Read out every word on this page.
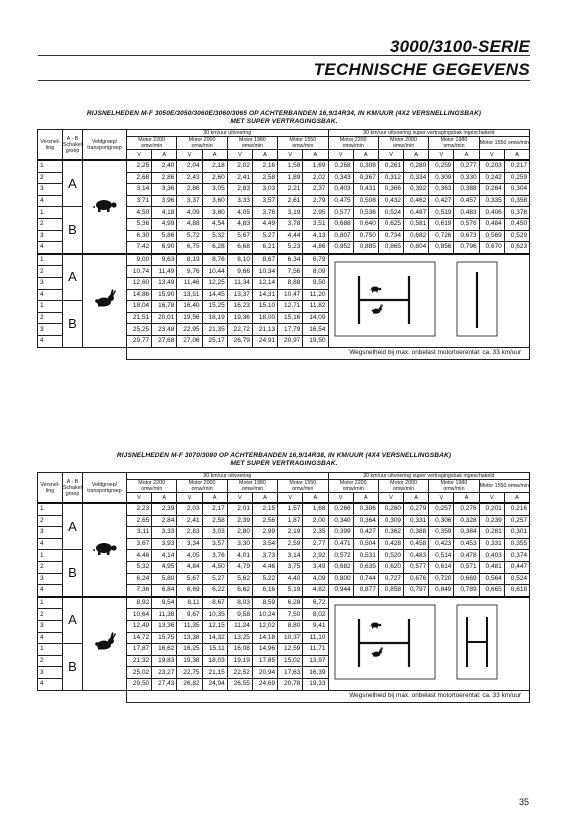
3000/3100-SERIE
TECHNISCHE GEGEVENS
RIJSNELHEDEN M-F 3050E/3050/3060E/3060/3065 OP ACHTERBANDEN 16,9/14R34, IN KM/UUR (4X2 VERSNELLINGSBAK)
MET SUPER VERTRAGINGSBAK.
Versnel-ling	A - B Schakel-groep	Veldgroep/ transportgroep	30 km/uur uitvoering								30 km/uur uitvoering super vertragingsbak ingeschakeld							
			Motor 2200 omw/min		Motor 2000 omw/min		Motor 1980 omw/min		Motor 1550 omw/min		Motor 2200 omw/min		Motor 2000 omw/min		Motor 1980 omw/min		Motor 1550 omw/min	
			V	A	V	A	V	A	V	A	V	A	V	A	V	A	V	A
1	A		2,25	2,40	2,04	2,18	2,02	2,16	1,58	1,69	0,268	0,308	0,261	0,280	0,259	0,277	0,203	0,217
2			2,68	2,86	2,43	2,60	2,41	2,58	1,89	2,02	0,343	0,367	0,312	0,334	0,309	0,330	0,242	0,259
3			3,14	3,36	2,86	3,05	2,83	3,03	2,21	2,37	0,403	0,431	0,366	0,392	0,363	0,388	0,284	0,304
4			3,71	3,96	3,37	3,60	3,33	3,57	2,61	2,79	0,475	0,508	0,432	0,462	0,427	0,457	0,335	0,358
1	B		4,50	4,18	4,09	3,80	4,05	3,76	3,19	2,95	0,577	0,536	0,524	0,487	0,519	0,483	0,406	0,378
2			5,36	4,99	4,88	4,54	4,83	4,49	3,78	3,51	0,688	0,640	0,625	0,581	0,619	0,576	0,484	0,450
3			6,30	5,86	5,72	5,32	5,67	5,27	4,44	4,13	0,807	0,750	0,734	0,682	0,726	0,673	0,569	0,529
4			7,42	6,90	6,75	6,28	6,68	6,21	5,23	4,86	0,952	0,885	0,865	0,804	0,856	0,796	0,670	0,623
1	A		9,00	9,63	8,19	8,76	8,10	8,67	6,34	6,79	
2			10,74	11,49	9,76	10,44	9,66	10,34	7,56	8,09								
3			12,60	13,49	11,46	12,25	11,34	12,14	8,88	9,50								
4			14,86	15,90	13,51	14,45	13,37	14,31	10,47	11,20								
1	B		18,04	16,78	16,40	15,25	16,23	15,10	12,71	11,82								
2			21,51	20,01	19,56	18,19	19,36	18,00	15,16	14,09								
3			25,25	23,48	22,95	21,35	22,72	21,13	17,79	16,54								
4			29,77	27,68	27,06	25,17	26,79	24,91	20,97	19,50								
			Wegsnelheid bij max. onbelast motortoerental: ca. 33 km/uur															
RIJSNELHEDEN M-F 3070/3080 OP ACHTERBANDEN 16,9/14R38, IN KM/UUR (4X4 VERSNELLINGSBAK)
MET SUPER VERTRAGINGSBAK.
Versnel-ling	A - B Schakel-groep	Veldgroep/ transportgroep	30 km/uur uitvoering								30 km/uur uitvoering super vertragingsbak ingeschakeld							
			Motor 2200 omw/min		Motor 2000 omw/min		Motor 1980 omw/min		Motor 1550 omw/min		Motor 2200 omw/min		Motor 2000 omw/min		Motor 1980 omw/min		Motor 1550 omw/min	
			V	A	V	A	V	A	V	A	V	A	V	A	V	A	V	A
1	A		2,23	2,39	2,03	2,17	2,01	2,15	1,57	1,68	0,266	0,306	0,260	0,279	0,257	0,276	0,201	0,216
2			2,65	2,84	2,41	2,58	2,39	2,56	1,87	2,00	0,340	0,364	0,309	0,331	0,306	0,328	0,239	0,257
3			3,11	3,33	2,83	3,03	2,80	2,99	2,19	2,35	0,399	0,427	0,362	0,388	0,359	0,384	0,281	0,301
4			3,67	3,93	3,34	3,57	3,30	3,54	2,59	2,77	0,471	0,504	0,428	0,458	0,423	0,453	0,331	0,355
1	B		4,46	4,14	4,05	3,76	4,01	3,73	3,14	2,92	0,572	0,531	0,520	0,483	0,514	0,478	0,403	0,374
2			5,32	4,95	4,84	4,50	4,79	4,46	3,75	3,49	0,682	0,635	0,620	0,577	0,614	0,571	0,481	0,447
3			6,24	5,80	5,67	5,27	5,62	5,22	4,40	4,09	0,800	0,744	0,727	0,676	0,720	0,669	0,564	0,524
4			7,36	6,84	6,69	6,22	6,62	6,16	5,19	4,82	0,944	0,877	0,858	0,797	0,849	0,789	0,665	0,618
1	A		8,92	9,54	8,11	8,67	8,03	8,59	6,28	6,72	
2			10,64	11,38	9,67	10,35	9,58	10,24	7,50	8,02								
3			12,49	13,36	11,35	12,15	11,24	12,02	8,80	9,41								
4			14,72	15,75	13,38	14,32	13,25	14,18	10,37	11,10								
1	B		17,87	16,62	16,25	15,11	16,08	14,96	12,59	11,71								
2			21,32	19,83	19,38	18,03	19,19	17,85	15,02	13,97								
3			25,02	23,27	22,75	21,15	22,52	20,94	17,63	16,39								
4			29,50	27,43	26,82	24,94	26,55	24,69	20,78	19,33								
			Wegsnelheid bij max. onbelast motortoerental: ca. 33 km/uur															
35
